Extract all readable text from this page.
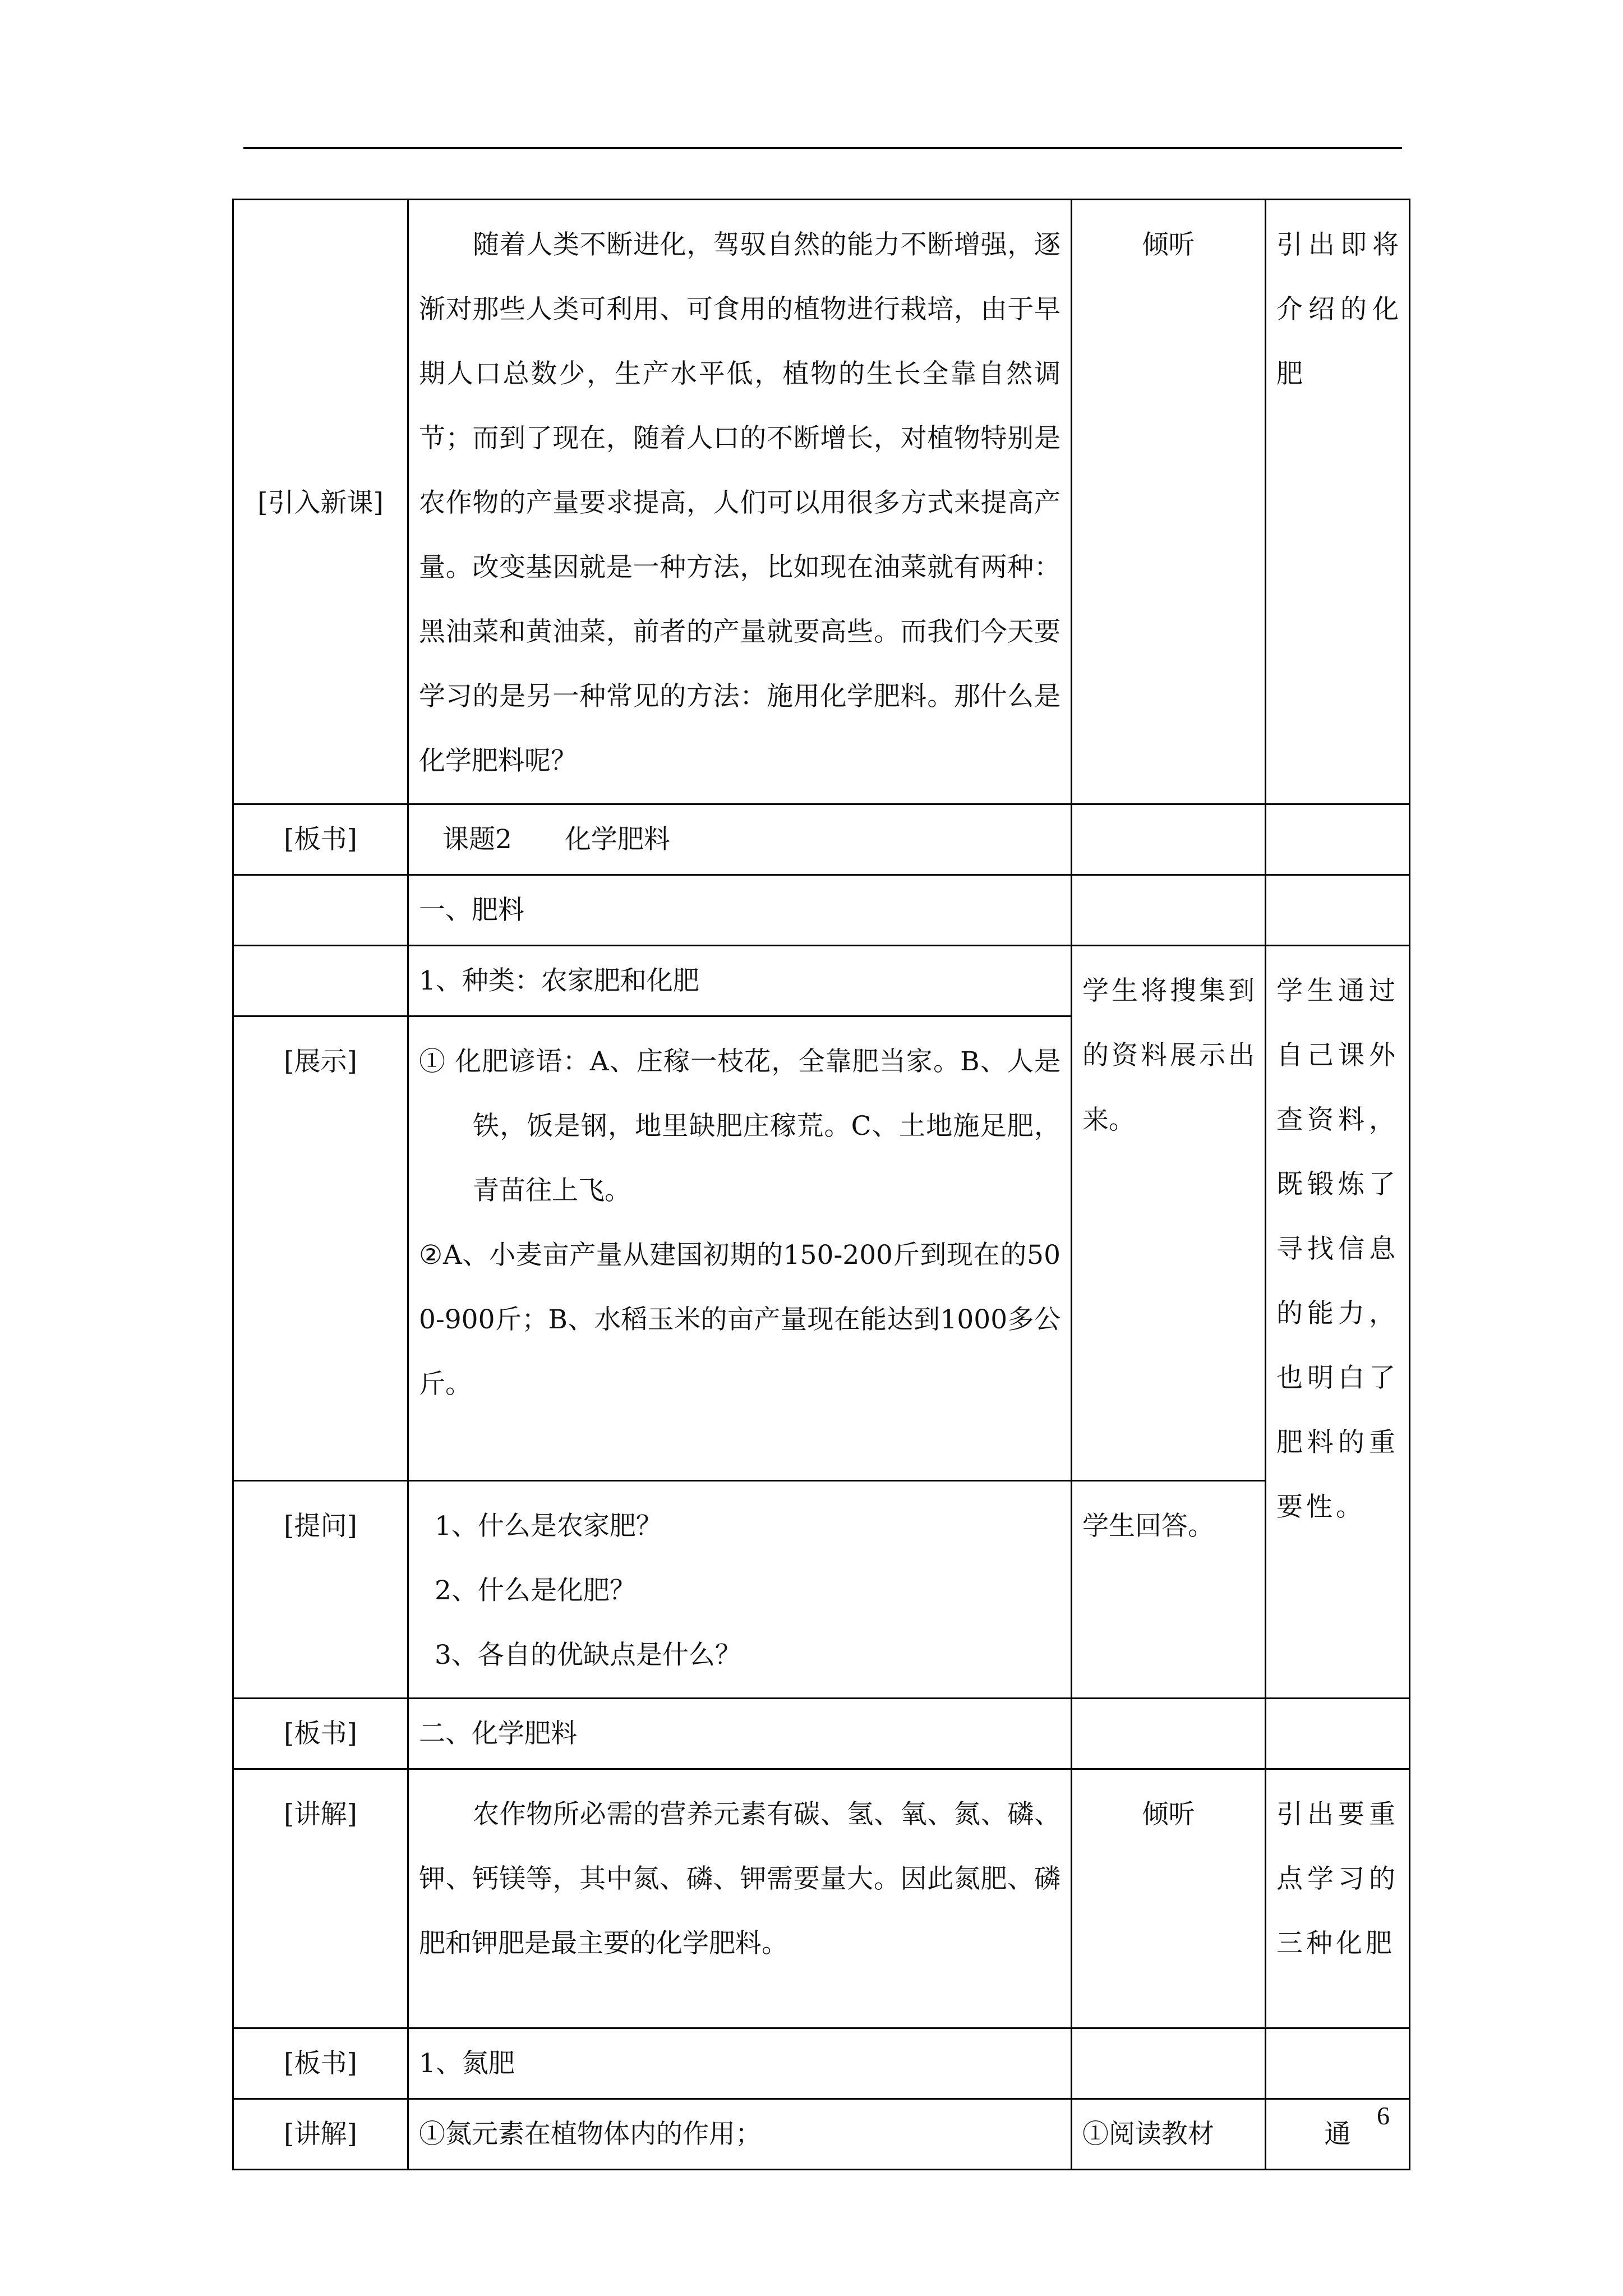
[引入新课]	随着人类不断进化，驾驭自然的能力不断增强，逐渐对那些人类可利用、可食用的植物进行栽培，由于早期人口总数少，生产水平低，植物的生长全靠自然调节；而到了现在，随着人口的不断增长，对植物特别是农作物的产量要求提高，人们可以用很多方式来提高产量。改变基因就是一种方法，比如现在油菜就有两种：黑油菜和黄油菜，前者的产量就要高些。而我们今天要学习的是另一种常见的方法：施用化学肥料。那什么是化学肥料呢？	倾听	引出即将介绍的化肥
[板书]	课题2　　化学肥料		
	一、肥料		
	1、种类：农家肥和化肥	学生将搜集到的资料展示出来。	学生通过自己课外查资料，既锻炼了寻找信息的能力，也明白了肥料的重要性。
[展示]	① 化肥谚语：A、庄稼一枝花，全靠肥当家。B、人是铁，饭是钢，地里缺肥庄稼荒。C、土地施足肥，青苗往上飞。
②A、小麦亩产量从建国初期的150-200斤到现在的500-900斤；B、水稻玉米的亩产量现在能达到1000多公斤。		

[提问]	1、什么是农家肥？
2、什么是化肥？
3、各自的优缺点是什么？	学生回答。	
[板书]	二、化学肥料		
[讲解]	农作物所必需的营养元素有碳、氢、氧、氮、磷、钾、钙镁等，其中氮、磷、钾需要量大。因此氮肥、磷肥和钾肥是最主要的化学肥料。	倾听	引出要重点学习的三种化肥
[板书]	1、氮肥		
[讲解]	①氮元素在植物体内的作用；	①阅读教材	通
6
